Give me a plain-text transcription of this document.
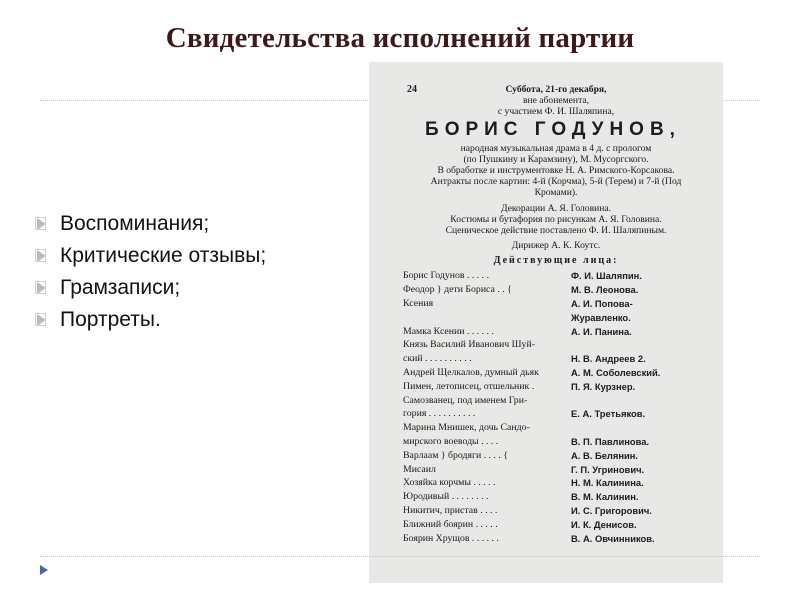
Свидетельства исполнений партии
Воспоминания;
Критические отзывы;
Грамзаписи;
Портреты.
24	Суббота, 21-го декабря,
вне абонемента,
с участием Ф. И. Шаляпина,
БОРИС ГОДУНОВ,
народная музыкальная драма в 4 д. с прологом
(по Пушкину и Карамзину), М. Мусоргского.
В обработке и инструментовке Н. А. Римского-Корсакова.
Антракты после картин: 4-й (Корчма), 5-й (Терем) и 7-й (Под
Кромами).
Декорации А. Я. Головина.
Костюмы и бутафория по рисункам А. Я. Головина.
Сценическое действие поставлено Ф. И. Шаляпиным.
Дирижер А. К. Коутс.
Действующие лица:
Борис Годунов . . . . .	Ф. И. Шаляпин.
Феодор } дети Бориса . . {	М. В. Леонова.
Ксения	А. И. Попова-
Журавленко.
Мамка Ксении . . . . . .	А. И. Панина.
Князь Василий Иванович Шуй-
ский . . . . . . . . . .	Н. В. Андреев 2.
Андрей Щелкалов, думный дьяк	А. М. Соболевский.
Пимен, летописец, отшельник .	П. Я. Курзнер.
Самозванец, под именем Гри-
гория . . . . . . . . . .	Е. А. Третьяков.
Марина Мнишек, дочь Сандо-
мирского воеводы . . . .	В. П. Павлинова.
Варлаам } бродяги . . . . {	А. В. Белянин.
Мисаил	Г. П. Угринович.
Хозяйка корчмы . . . . .	Н. М. Калинина.
Юродивый . . . . . . . .	В. М. Калинин.
Никитич, пристав . . . .	И. С. Григорович.
Ближний боярин . . . . .	И. К. Денисов.
Боярин Хрущов . . . . . .	В. А. Овчинников.
